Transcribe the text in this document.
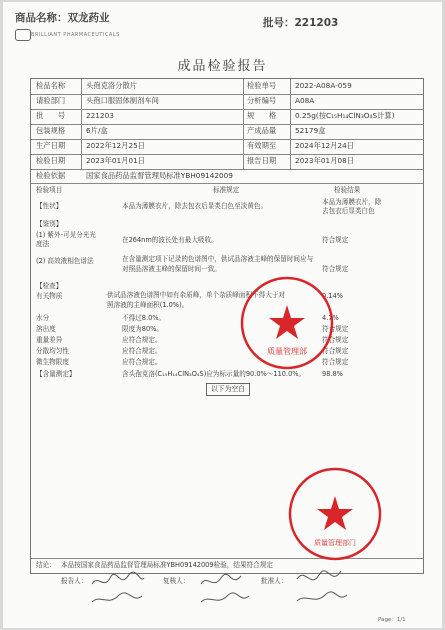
商品名称：双龙药业
BRILLIANT PHARMACEUTICALS
批号：221203
成品检验报告
检品名称	头孢克洛分散片	检验单号	2022-A08A-059
请验部门	头孢口服固体制剂车间	分析编号	A08A
批　　号	221203	规　　格	0.25g(按C₁₅H₁₄ClN₃O₄S计算)
包装规格	6片/盒	产成品量	52179盒
生产日期	2022年12月25日	有效期至	2024年12月24日
检验日期	2023年01月01日	报告日期	2023年01月08日
检验依据	国家食品药品监督管理局标准YBH09142009
检验项目	标准规定	检验结果
【性状】	本品为薄膜衣片，除去包衣后显类白色至淡黄色。	本品为薄膜衣片，除
去包衣后显类白色
【鉴别】
(1) 紫外-可见分光光
度法	在264nm的波长处有最大吸收。	符合规定
(2) 高效液相色谱法	在含量测定项下记录的色谱图中，供试品溶液主峰的保留时间应与
对照品溶液主峰的保留时间一致。	符合规定
【检查】
有关物质	供试品溶液色谱图中如有杂质峰，单个杂质峰面积不得大于对
照溶液的主峰面积(1.0%)。
0.14%
水分	不得过8.0%。	4.7%
溶出度	限度为80%。	符合规定
重量差异	应符合规定。	符合规定
分散均匀性	应符合规定。	符合规定
微生物限度	应符合规定。	符合规定
【含量测定】	含头孢克洛(C₁₅H₁₄ClN₃O₄S)应为标示量的90.0%～110.0%。	98.8%
结论： 本品按国家食品药品监督管理局标准YBH09142009检验，结果符合规定
以下为空白
质量管理部
质量管理部门
报告人：	复核人：	批准人：
Page：1/1
